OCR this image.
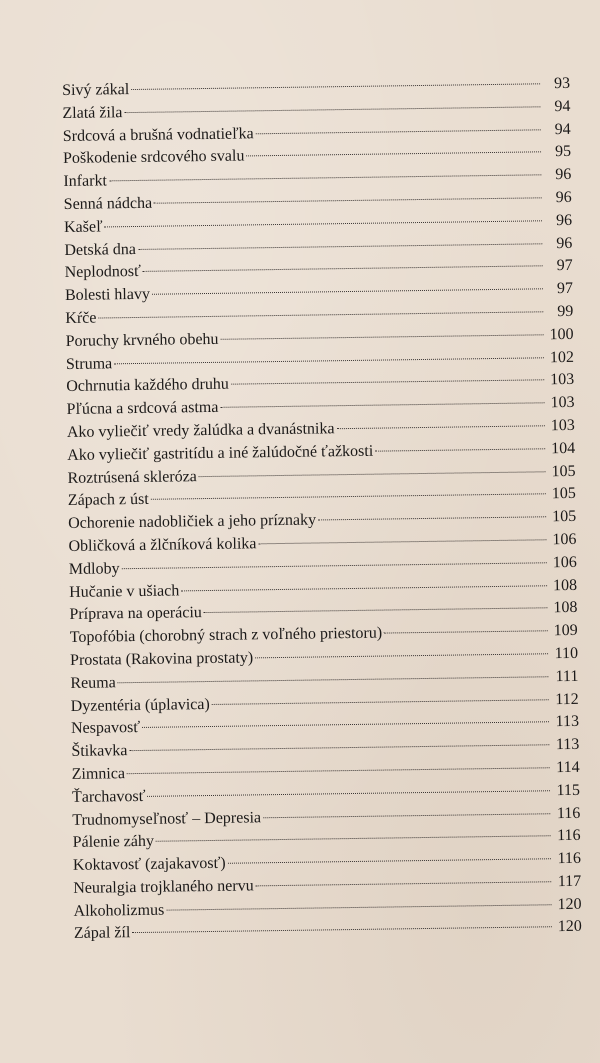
Sivý zákal	93
Zlatá žila	94
Srdcová a brušná vodnatieľka	94
Poškodenie srdcového svalu	95
Infarkt	96
Senná nádcha	96
Kašeľ	96
Detská dna	96
Neplodnosť	97
Bolesti hlavy	97
Kŕče	99
Poruchy krvného obehu	100
Struma	102
Ochrnutia každého druhu	103
Pľúcna a srdcová astma	103
Ako vyliečiť vredy žalúdka a dvanástnika	103
Ako vyliečiť gastritídu a iné žalúdočné ťažkosti	104
Roztrúsená skleróza	105
Zápach z úst	105
Ochorenie nadobličiek a jeho príznaky	105
Obličková a žlčníková kolika	106
Mdloby	106
Hučanie v ušiach	108
Príprava na operáciu	108
Topofóbia (chorobný strach z voľného priestoru)	109
Prostata (Rakovina prostaty)	110
Reuma	111
Dyzentéria (úplavica)	112
Nespavosť	113
Štikavka	113
Zimnica	114
Ťarchavosť	115
Trudnomyseľnosť – Depresia	116
Pálenie záhy	116
Koktavosť (zajakavosť)	116
Neuralgia trojklaného nervu	117
Alkoholizmus	120
Zápal žíl	120
